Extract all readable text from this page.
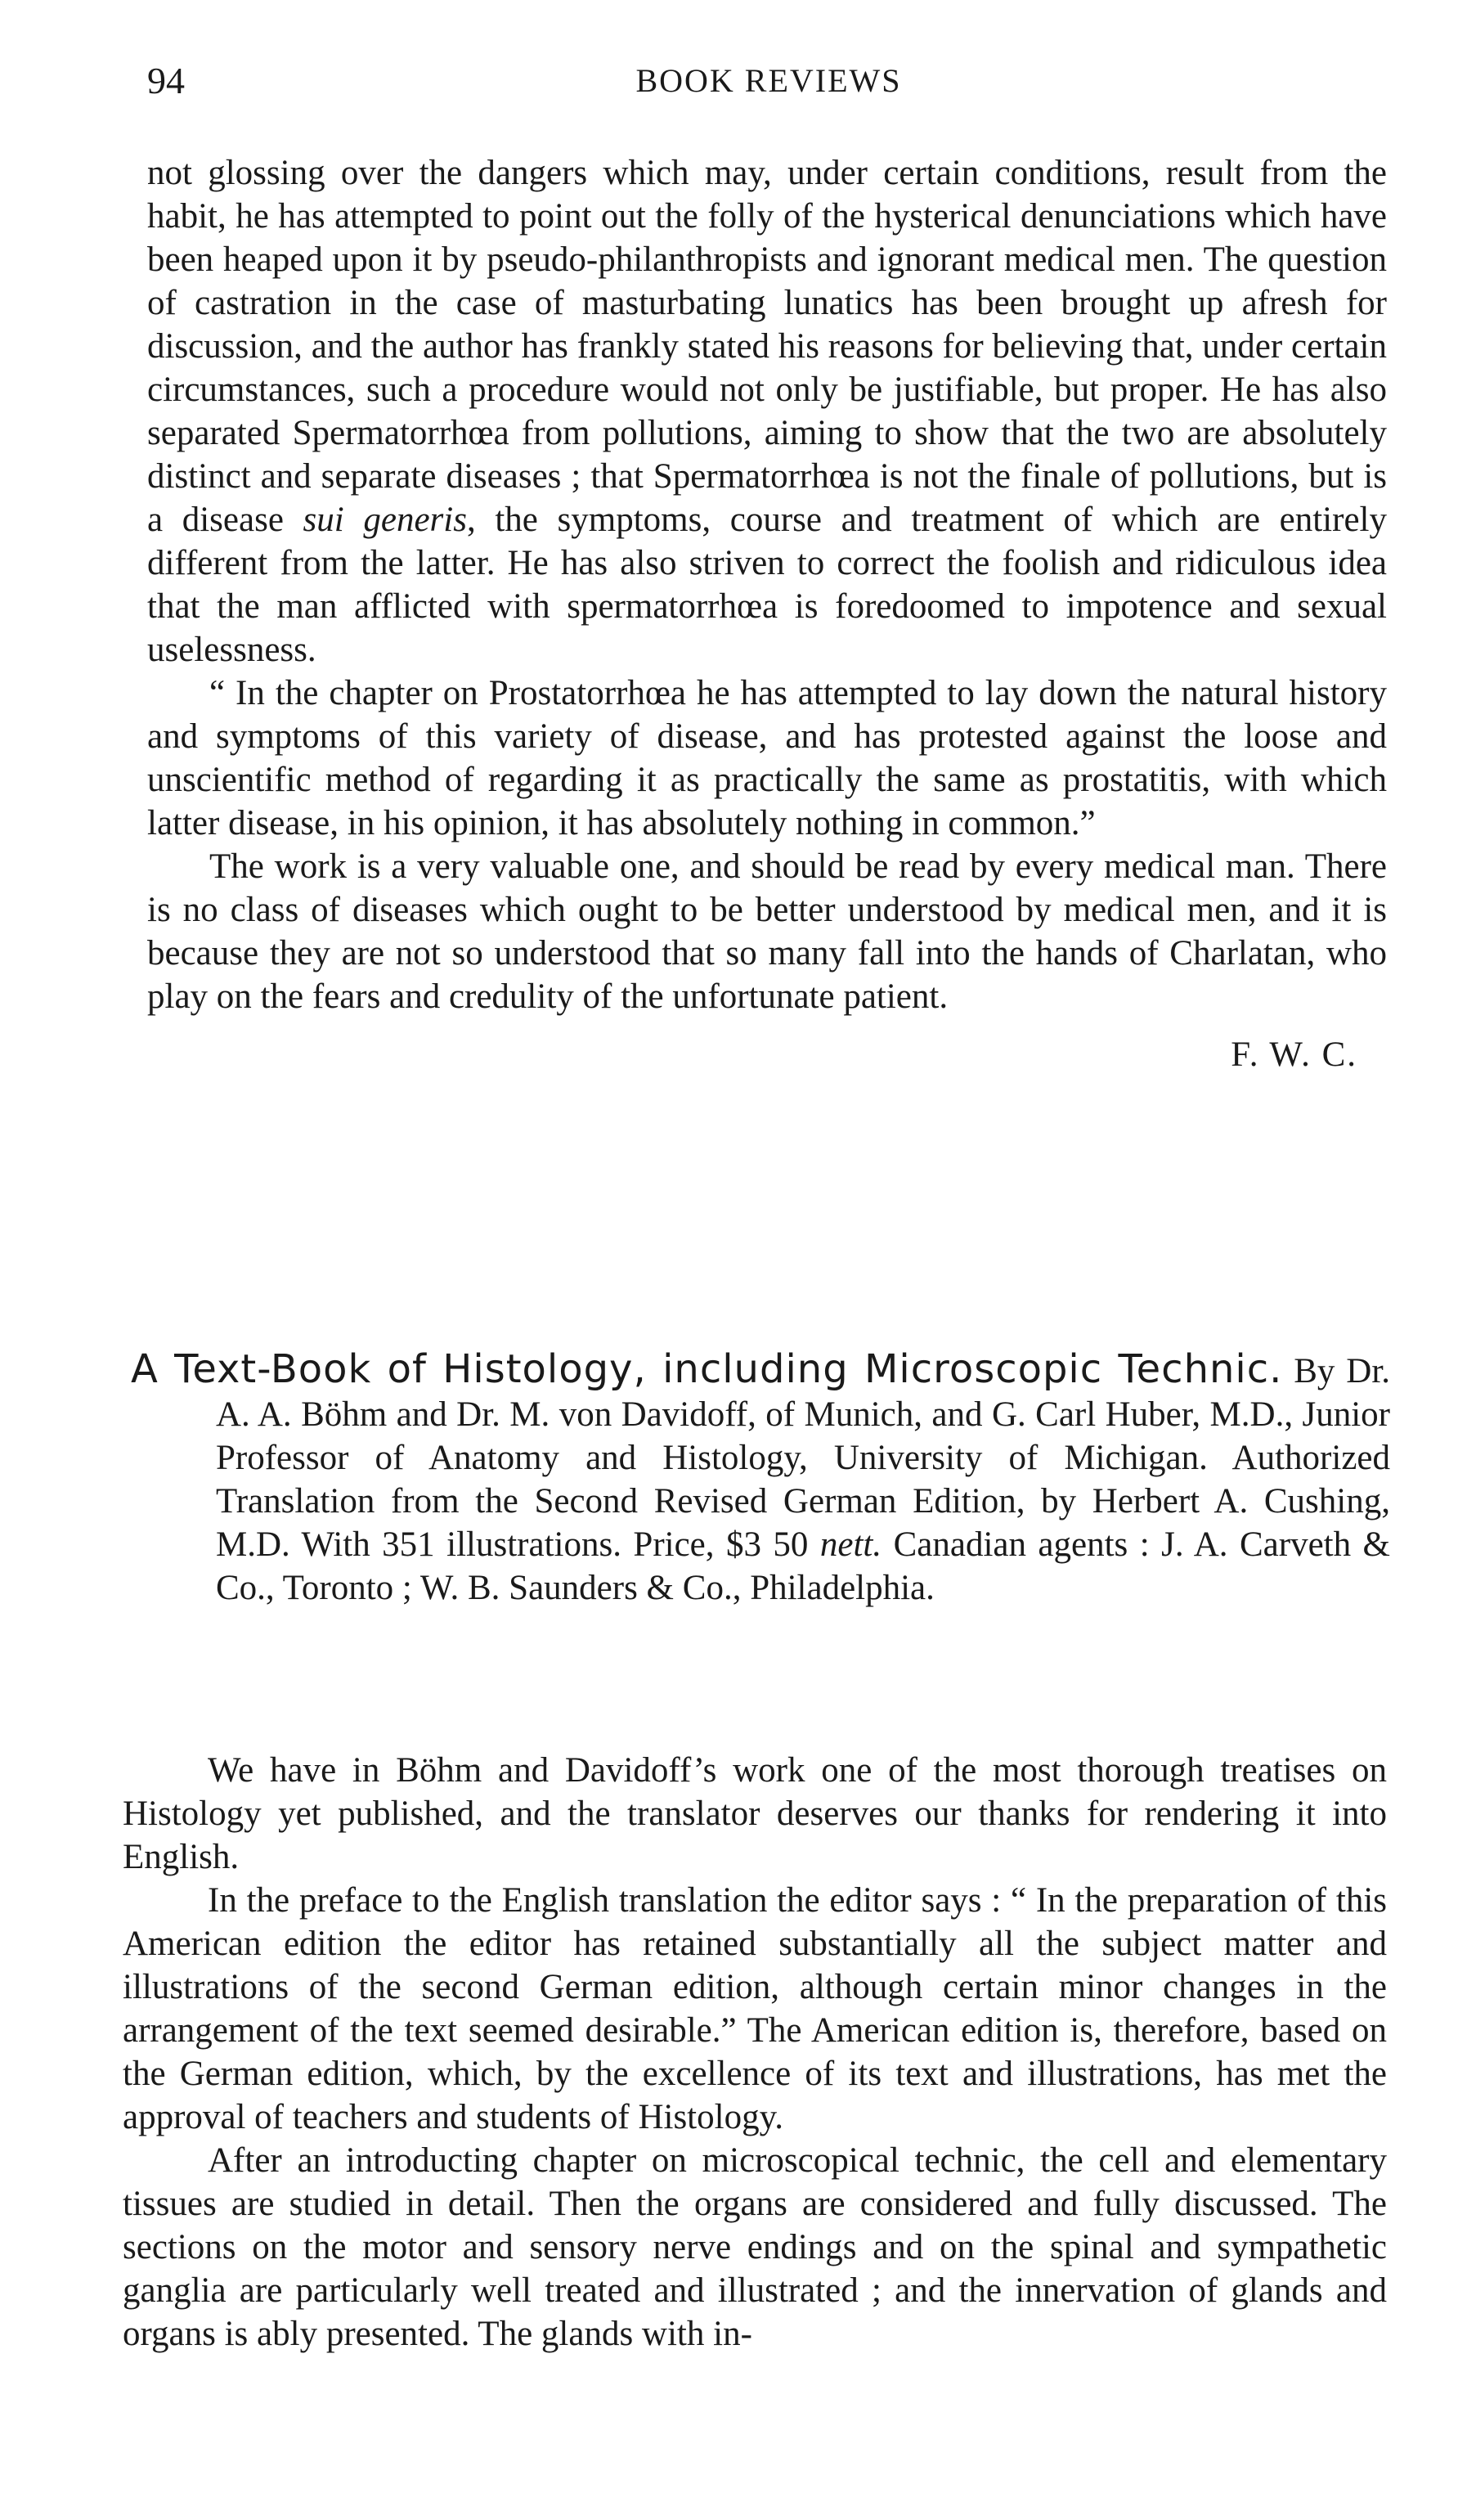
94	BOOK REVIEWS

not glossing over the dangers which may, under certain conditions, result from the habit, he has attempted to point out the folly of the hysterical denunciations which have been heaped upon it by pseudo-philanthropists and ignorant medical men. The question of castration in the case of masturbating lunatics has been brought up afresh for discussion, and the author has frankly stated his reasons for believing that, under certain circumstances, such a procedure would not only be justifiable, but proper. He has also separated Spermatorrhœa from pollutions, aiming to show that the two are absolutely distinct and separate diseases ; that Spermatorrhœa is not the finale of pollutions, but is a disease sui generis, the symptoms, course and treatment of which are entirely different from the latter. He has also striven to correct the foolish and ridiculous idea that the man afflicted with spermatorrhœa is foredoomed to impotence and sexual uselessness.

“ In the chapter on Prostatorrhœa he has attempted to lay down the natural history and symptoms of this variety of disease, and has protested against the loose and unscientific method of regarding it as practically the same as prostatitis, with which latter disease, in his opinion, it has absolutely nothing in common.”

The work is a very valuable one, and should be read by every medical man. There is no class of diseases which ought to be better understood by medical men, and it is because they are not so understood that so many fall into the hands of Charlatan, who play on the fears and credulity of the unfortunate patient.

F. W. C.
A Text-Book of Histology, including Microscopic Technic. By Dr. A. A. Böhm and Dr. M. von Davidoff, of Munich, and G. Carl Huber, M.D., Junior Professor of Anatomy and Histology, University of Michigan. Authorized Translation from the Second Revised German Edition, by Herbert A. Cushing, M.D. With 351 illustrations. Price, $3 50 nett. Canadian agents : J. A. Carveth & Co., Toronto ; W. B. Saunders & Co., Philadelphia.

We have in Böhm and Davidoff’s work one of the most thorough treatises on Histology yet published, and the translator deserves our thanks for rendering it into English.

In the preface to the English translation the editor says : “ In the preparation of this American edition the editor has retained substantially all the subject matter and illustrations of the second German edition, although certain minor changes in the arrangement of the text seemed desirable.” The American edition is, therefore, based on the German edition, which, by the excellence of its text and illustrations, has met the approval of teachers and students of Histology.

After an introducting chapter on microscopical technic, the cell and elementary tissues are studied in detail. Then the organs are considered and fully discussed. The sections on the motor and sensory nerve endings and on the spinal and sympathetic ganglia are particularly well treated and illustrated ; and the innervation of glands and organs is ably presented. The glands with in-
